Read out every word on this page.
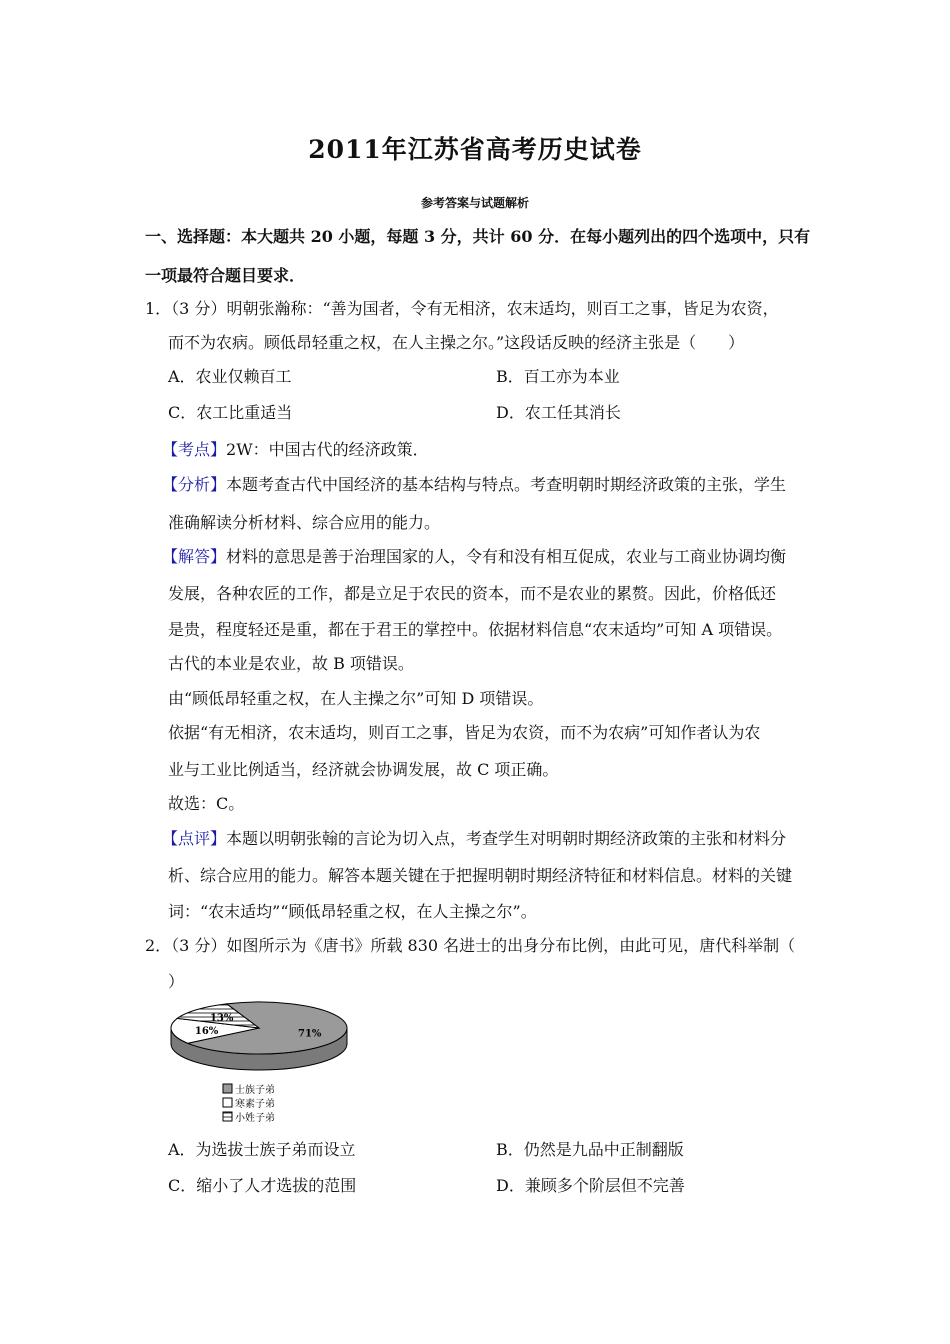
2011年江苏省高考历史试卷
参考答案与试题解析
一、选择题：本大题共 20 小题，每题 3 分，共计 60 分．在每小题列出的四个选项中，只有
一项最符合题目要求．
1．（3 分）明朝张瀚称：“善为国者，令有无相济，农末适均，则百工之事，皆足为农资，
而不为农病。顾低昂轻重之权，在人主操之尔。”这段话反映的经济主张是（　　）
A．农业仅赖百工	B．百工亦为本业
C．农工比重适当	D．农工任其消长
【考点】2W：中国古代的经济政策．
【分析】本题考查古代中国经济的基本结构与特点。考查明朝时期经济政策的主张，学生
准确解读分析材料、综合应用的能力。
【解答】材料的意思是善于治理国家的人，令有和没有相互促成，农业与工商业协调均衡
发展，各种农匠的工作，都是立足于农民的资本，而不是农业的累赘。因此，价格低还
是贵，程度轻还是重，都在于君王的掌控中。依据材料信息“农末适均”可知 A 项错误。
古代的本业是农业，故 B 项错误。
由“顾低昂轻重之权，在人主操之尔”可知 D 项错误。
依据“有无相济，农末适均，则百工之事，皆足为农资，而不为农病”可知作者认为农
业与工业比例适当，经济就会协调发展，故 C 项正确。
故选：C。
【点评】本题以明朝张翰的言论为切入点，考查学生对明朝时期经济政策的主张和材料分
析、综合应用的能力。解答本题关键在于把握明朝时期经济特征和材料信息。材料的关键
词：“农末适均”“顾低昂轻重之权，在人主操之尔”。
2．（3 分）如图所示为《唐书》所载 830 名进士的出身分布比例，由此可见，唐代科举制（
）
71%
16%
13%
士族子弟
寒素子弟
小姓子弟
A．为选拔士族子弟而设立	B．仍然是九品中正制翻版
C．缩小了人才选拔的范围	D．兼顾多个阶层但不完善
